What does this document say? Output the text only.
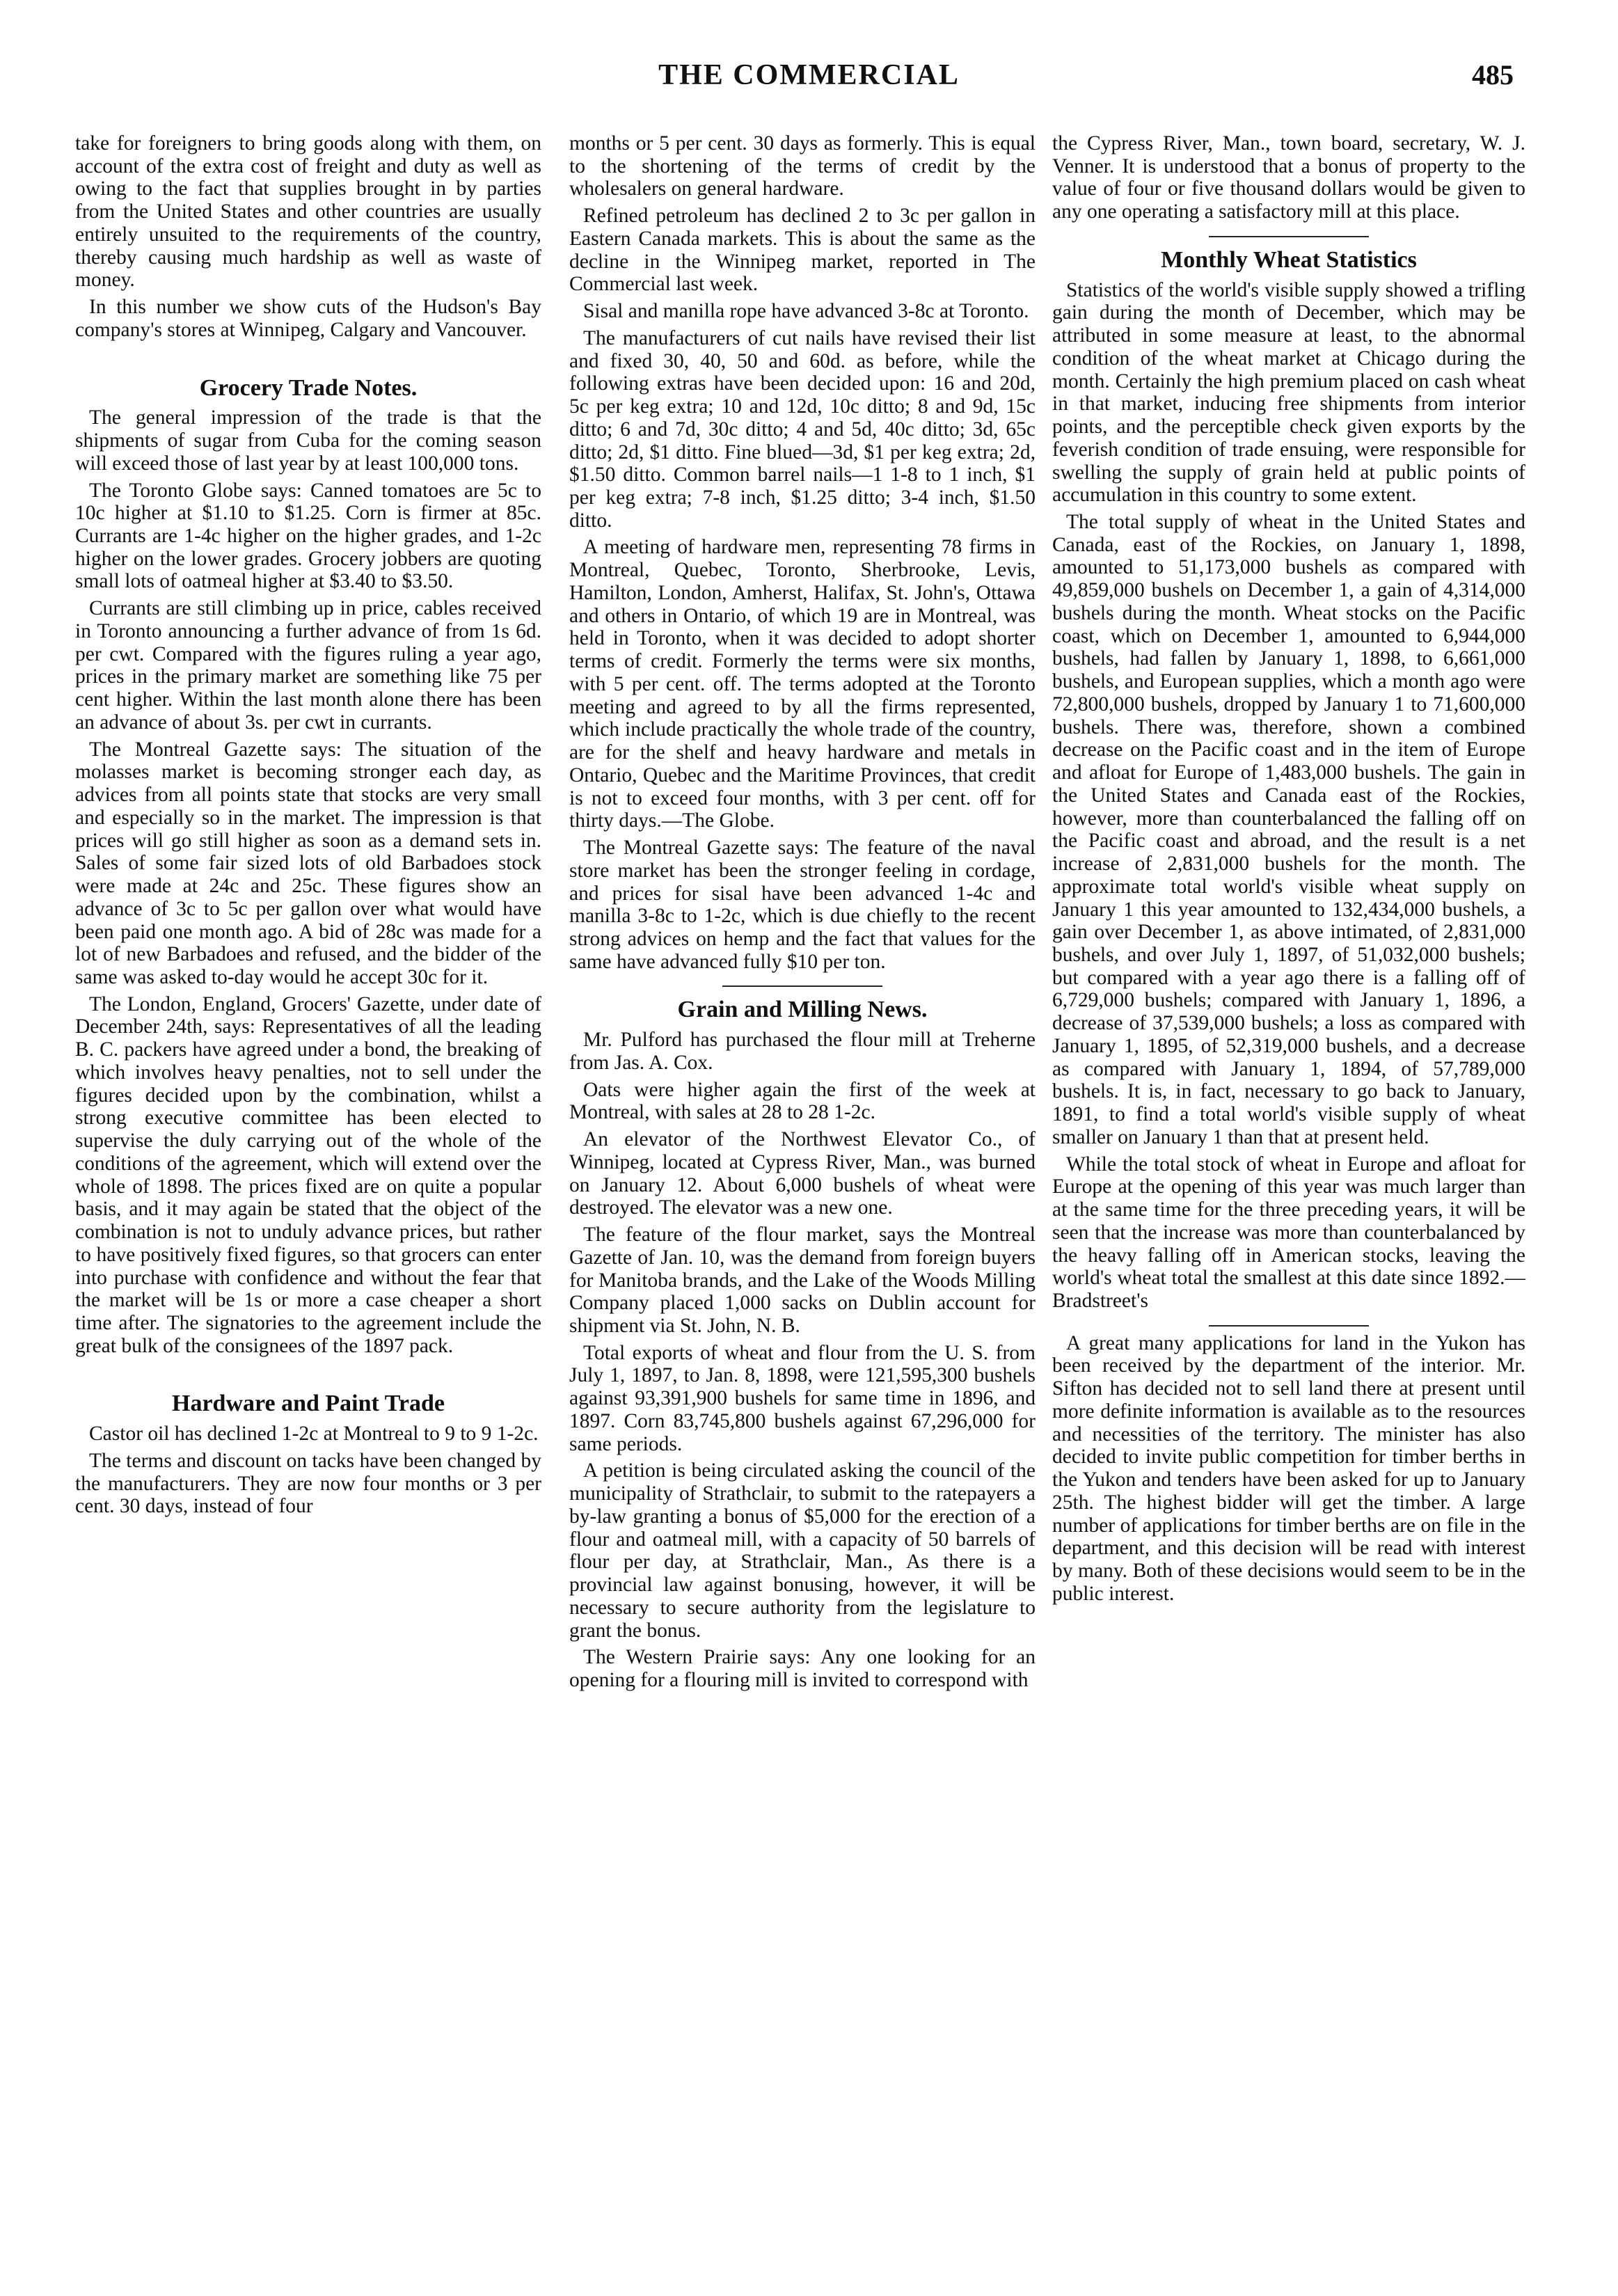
THE COMMERCIAL	485

take for foreigners to bring goods along with them, on account of the extra cost of freight and duty as well as owing to the fact that supplies brought in by parties from the United States and other countries are usually entirely unsuited to the requirements of the country, thereby causing much hardship as well as waste of money.

In this number we show cuts of the Hudson's Bay company's stores at Winnipeg, Calgary and Vancouver.

Grocery Trade Notes.

The general impression of the trade is that the shipments of sugar from Cuba for the coming season will exceed those of last year by at least 100,000 tons.

The Toronto Globe says: Canned tomatoes are 5c to 10c higher at $1.10 to $1.25. Corn is firmer at 85c. Currants are 1-4c higher on the higher grades, and 1-2c higher on the lower grades. Grocery jobbers are quoting small lots of oatmeal higher at $3.40 to $3.50.

Currants are still climbing up in price, cables received in Toronto announcing a further advance of from 1s 6d. per cwt. Compared with the figures ruling a year ago, prices in the primary market are something like 75 per cent higher. Within the last month alone there has been an advance of about 3s. per cwt in currants.

The Montreal Gazette says: The situation of the molasses market is becoming stronger each day, as advices from all points state that stocks are very small and especially so in the market. The impression is that prices will go still higher as soon as a demand sets in. Sales of some fair sized lots of old Barbadoes stock were made at 24c and 25c. These figures show an advance of 3c to 5c per gallon over what would have been paid one month ago. A bid of 28c was made for a lot of new Barbadoes and refused, and the bidder of the same was asked to-day would he accept 30c for it.

The London, England, Grocers' Gazette, under date of December 24th, says: Representatives of all the leading B. C. packers have agreed under a bond, the breaking of which involves heavy penalties, not to sell under the figures decided upon by the combination, whilst a strong executive committee has been elected to supervise the duly carrying out of the whole of the conditions of the agreement, which will extend over the whole of 1898. The prices fixed are on quite a popular basis, and it may again be stated that the object of the combination is not to unduly advance prices, but rather to have positively fixed figures, so that grocers can enter into purchase with confidence and without the fear that the market will be 1s or more a case cheaper a short time after. The signatories to the agreement include the great bulk of the consignees of the 1897 pack.

Hardware and Paint Trade

Castor oil has declined 1-2c at Montreal to 9 to 9 1-2c.

The terms and discount on tacks have been changed by the manufacturers. They are now four months or 3 per cent. 30 days, instead of four

months or 5 per cent. 30 days as formerly. This is equal to the shortening of the terms of credit by the wholesalers on general hardware.

Refined petroleum has declined 2 to 3c per gallon in Eastern Canada markets. This is about the same as the decline in the Winnipeg market, reported in The Commercial last week.

Sisal and manilla rope have advanced 3-8c at Toronto.

The manufacturers of cut nails have revised their list and fixed 30, 40, 50 and 60d. as before, while the following extras have been decided upon: 16 and 20d, 5c per keg extra; 10 and 12d, 10c ditto; 8 and 9d, 15c ditto; 6 and 7d, 30c ditto; 4 and 5d, 40c ditto; 3d, 65c ditto; 2d, $1 ditto. Fine blued—3d, $1 per keg extra; 2d, $1.50 ditto. Common barrel nails—1 1-8 to 1 inch, $1 per keg extra; 7-8 inch, $1.25 ditto; 3-4 inch, $1.50 ditto.

A meeting of hardware men, representing 78 firms in Montreal, Quebec, Toronto, Sherbrooke, Levis, Hamilton, London, Amherst, Halifax, St. John's, Ottawa and others in Ontario, of which 19 are in Montreal, was held in Toronto, when it was decided to adopt shorter terms of credit. Formerly the terms were six months, with 5 per cent. off. The terms adopted at the Toronto meeting and agreed to by all the firms represented, which include practically the whole trade of the country, are for the shelf and heavy hardware and metals in Ontario, Quebec and the Maritime Provinces, that credit is not to exceed four months, with 3 per cent. off for thirty days.—The Globe.

The Montreal Gazette says: The feature of the naval store market has been the stronger feeling in cordage, and prices for sisal have been advanced 1-4c and manilla 3-8c to 1-2c, which is due chiefly to the recent strong advices on hemp and the fact that values for the same have advanced fully $10 per ton.

Grain and Milling News.

Mr. Pulford has purchased the flour mill at Treherne from Jas. A. Cox.

Oats were higher again the first of the week at Montreal, with sales at 28 to 28 1-2c.

An elevator of the Northwest Elevator Co., of Winnipeg, located at Cypress River, Man., was burned on January 12. About 6,000 bushels of wheat were destroyed. The elevator was a new one.

The feature of the flour market, says the Montreal Gazette of Jan. 10, was the demand from foreign buyers for Manitoba brands, and the Lake of the Woods Milling Company placed 1,000 sacks on Dublin account for shipment via St. John, N. B.

Total exports of wheat and flour from the U. S. from July 1, 1897, to Jan. 8, 1898, were 121,595,300 bushels against 93,391,900 bushels for same time in 1896, and 1897. Corn 83,745,800 bushels against 67,296,000 for same periods.

A petition is being circulated asking the council of the municipality of Strathclair, to submit to the ratepayers a by-law granting a bonus of $5,000 for the erection of a flour and oatmeal mill, with a capacity of 50 barrels of flour per day, at Strathclair, Man., As there is a provincial law against bonusing, however, it will be necessary to secure authority from the legislature to grant the bonus.

The Western Prairie says: Any one looking for an opening for a flouring mill is invited to correspond with

the Cypress River, Man., town board, secretary, W. J. Venner. It is understood that a bonus of property to the value of four or five thousand dollars would be given to any one operating a satisfactory mill at this place.

Monthly Wheat Statistics

Statistics of the world's visible supply showed a trifling gain during the month of December, which may be attributed in some measure at least, to the abnormal condition of the wheat market at Chicago during the month. Certainly the high premium placed on cash wheat in that market, inducing free shipments from interior points, and the perceptible check given exports by the feverish condition of trade ensuing, were responsible for swelling the supply of grain held at public points of accumulation in this country to some extent.

The total supply of wheat in the United States and Canada, east of the Rockies, on January 1, 1898, amounted to 51,173,000 bushels as compared with 49,859,000 bushels on December 1, a gain of 4,314,000 bushels during the month. Wheat stocks on the Pacific coast, which on December 1, amounted to 6,944,000 bushels, had fallen by January 1, 1898, to 6,661,000 bushels, and European supplies, which a month ago were 72,800,000 bushels, dropped by January 1 to 71,600,000 bushels. There was, therefore, shown a combined decrease on the Pacific coast and in the item of Europe and afloat for Europe of 1,483,000 bushels. The gain in the United States and Canada east of the Rockies, however, more than counterbalanced the falling off on the Pacific coast and abroad, and the result is a net increase of 2,831,000 bushels for the month. The approximate total world's visible wheat supply on January 1 this year amounted to 132,434,000 bushels, a gain over December 1, as above intimated, of 2,831,000 bushels, and over July 1, 1897, of 51,032,000 bushels; but compared with a year ago there is a falling off of 6,729,000 bushels; compared with January 1, 1896, a decrease of 37,539,000 bushels; a loss as compared with January 1, 1895, of 52,319,000 bushels, and a decrease as compared with January 1, 1894, of 57,789,000 bushels. It is, in fact, necessary to go back to January, 1891, to find a total world's visible supply of wheat smaller on January 1 than that at present held.

While the total stock of wheat in Europe and afloat for Europe at the opening of this year was much larger than at the same time for the three preceding years, it will be seen that the increase was more than counterbalanced by the heavy falling off in American stocks, leaving the world's wheat total the smallest at this date since 1892.—Bradstreet's

A great many applications for land in the Yukon has been received by the department of the interior. Mr. Sifton has decided not to sell land there at present until more definite information is available as to the resources and necessities of the territory. The minister has also decided to invite public competition for timber berths in the Yukon and tenders have been asked for up to January 25th. The highest bidder will get the timber. A large number of applications for timber berths are on file in the department, and this decision will be read with interest by many. Both of these decisions would seem to be in the public interest.
